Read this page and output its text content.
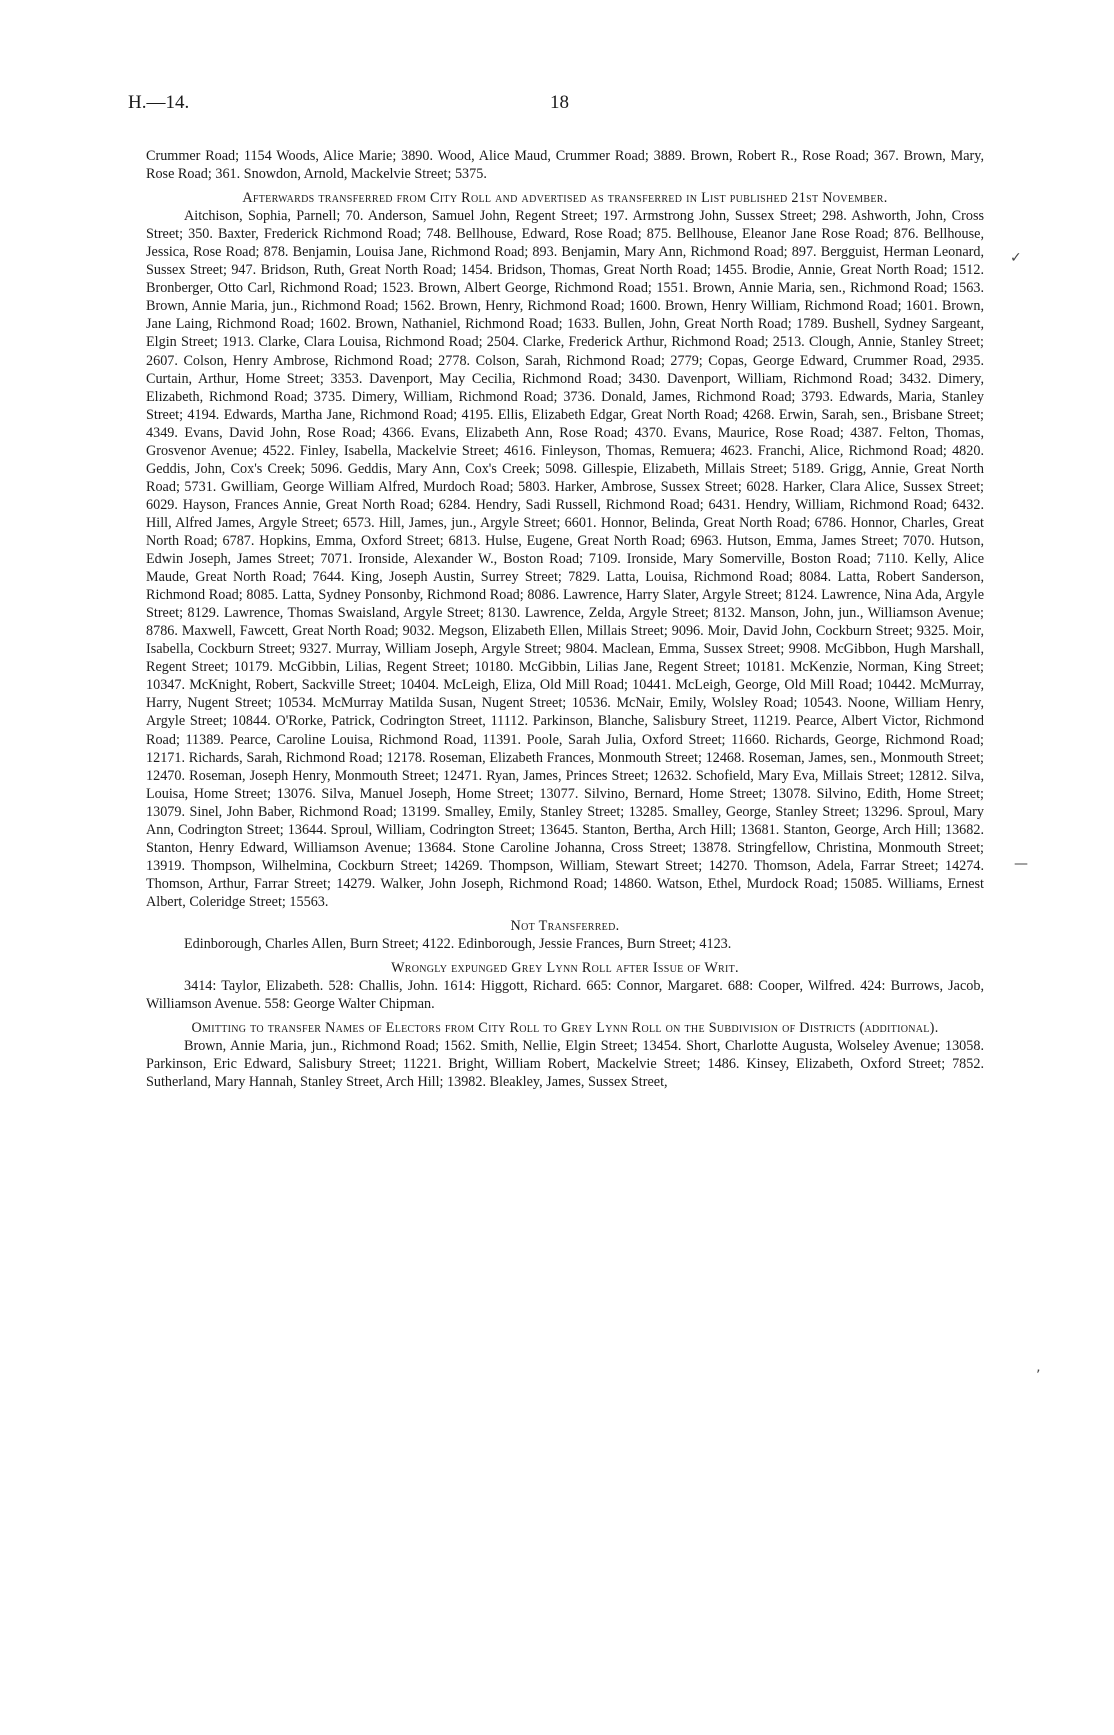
H.—14.	18

Crummer Road; 1154 Woods, Alice Marie; 3890. Wood, Alice Maud, Crummer Road; 3889. Brown, Robert R., Rose Road; 367. Brown, Mary, Rose Road; 361. Snowdon, Arnold, Mackelvie Street; 5375.

Afterwards transferred from City Roll and advertised as transferred in List published 21st November.

Aitchison, Sophia, Parnell; 70. Anderson, Samuel John, Regent Street; 197. Armstrong John, Sussex Street; 298. Ashworth, John, Cross Street; 350. Baxter, Frederick Richmond Road; 748. Bellhouse, Edward, Rose Road; 875. Bellhouse, Eleanor Jane Rose Road; 876. Bellhouse, Jessica, Rose Road; 878. Benjamin, Louisa Jane, Richmond Road; 893. Benjamin, Mary Ann, Richmond Road; 897. Bergguist, Herman Leonard, Sussex Street; 947. Bridson, Ruth, Great North Road; 1454. Bridson, Thomas, Great North Road; 1455. Brodie, Annie, Great North Road; 1512. Bronberger, Otto Carl, Richmond Road; 1523. Brown, Albert George, Richmond Road; 1551. Brown, Annie Maria, sen., Richmond Road; 1563. Brown, Annie Maria, jun., Richmond Road; 1562. Brown, Henry, Richmond Road; 1600. Brown, Henry William, Richmond Road; 1601. Brown, Jane Laing, Richmond Road; 1602. Brown, Nathaniel, Richmond Road; 1633. Bullen, John, Great North Road; 1789. Bushell, Sydney Sargeant, Elgin Street; 1913. Clarke, Clara Louisa, Richmond Road; 2504. Clarke, Frederick Arthur, Richmond Road; 2513. Clough, Annie, Stanley Street; 2607. Colson, Henry Ambrose, Richmond Road; 2778. Colson, Sarah, Richmond Road; 2779; Copas, George Edward, Crummer Road, 2935. Curtain, Arthur, Home Street; 3353. Davenport, May Cecilia, Richmond Road; 3430. Davenport, William, Richmond Road; 3432. Dimery, Elizabeth, Richmond Road; 3735. Dimery, William, Richmond Road; 3736. Donald, James, Richmond Road; 3793. Edwards, Maria, Stanley Street; 4194. Edwards, Martha Jane, Richmond Road; 4195. Ellis, Elizabeth Edgar, Great North Road; 4268. Erwin, Sarah, sen., Brisbane Street; 4349. Evans, David John, Rose Road; 4366. Evans, Elizabeth Ann, Rose Road; 4370. Evans, Maurice, Rose Road; 4387. Felton, Thomas, Grosvenor Avenue; 4522. Finley, Isabella, Mackelvie Street; 4616. Finleyson, Thomas, Remuera; 4623. Franchi, Alice, Richmond Road; 4820. Geddis, John, Cox's Creek; 5096. Geddis, Mary Ann, Cox's Creek; 5098. Gillespie, Elizabeth, Millais Street; 5189. Grigg, Annie, Great North Road; 5731. Gwilliam, George William Alfred, Murdoch Road; 5803. Harker, Ambrose, Sussex Street; 6028. Harker, Clara Alice, Sussex Street; 6029. Hayson, Frances Annie, Great North Road; 6284. Hendry, Sadi Russell, Richmond Road; 6431. Hendry, William, Richmond Road; 6432. Hill, Alfred James, Argyle Street; 6573. Hill, James, jun., Argyle Street; 6601. Honnor, Belinda, Great North Road; 6786. Honnor, Charles, Great North Road; 6787. Hopkins, Emma, Oxford Street; 6813. Hulse, Eugene, Great North Road; 6963. Hutson, Emma, James Street; 7070. Hutson, Edwin Joseph, James Street; 7071. Ironside, Alexander W., Boston Road; 7109. Ironside, Mary Somerville, Boston Road; 7110. Kelly, Alice Maude, Great North Road; 7644. King, Joseph Austin, Surrey Street; 7829. Latta, Louisa, Richmond Road; 8084. Latta, Robert Sanderson, Richmond Road; 8085. Latta, Sydney Ponsonby, Richmond Road; 8086. Lawrence, Harry Slater, Argyle Street; 8124. Lawrence, Nina Ada, Argyle Street; 8129. Lawrence, Thomas Swaisland, Argyle Street; 8130. Lawrence, Zelda, Argyle Street; 8132. Manson, John, jun., Williamson Avenue; 8786. Maxwell, Fawcett, Great North Road; 9032. Megson, Elizabeth Ellen, Millais Street; 9096. Moir, David John, Cockburn Street; 9325. Moir, Isabella, Cockburn Street; 9327. Murray, William Joseph, Argyle Street; 9804. Maclean, Emma, Sussex Street; 9908. McGibbon, Hugh Marshall, Regent Street; 10179. McGibbin, Lilias, Regent Street; 10180. McGibbin, Lilias Jane, Regent Street; 10181. McKenzie, Norman, King Street; 10347. McKnight, Robert, Sackville Street; 10404. McLeigh, Eliza, Old Mill Road; 10441. McLeigh, George, Old Mill Road; 10442. McMurray, Harry, Nugent Street; 10534. McMurray Matilda Susan, Nugent Street; 10536. McNair, Emily, Wolsley Road; 10543. Noone, William Henry, Argyle Street; 10844. O'Rorke, Patrick, Codrington Street, 11112. Parkinson, Blanche, Salisbury Street, 11219. Pearce, Albert Victor, Richmond Road; 11389. Pearce, Caroline Louisa, Richmond Road, 11391. Poole, Sarah Julia, Oxford Street; 11660. Richards, George, Richmond Road; 12171. Richards, Sarah, Richmond Road; 12178. Roseman, Elizabeth Frances, Monmouth Street; 12468. Roseman, James, sen., Monmouth Street; 12470. Roseman, Joseph Henry, Monmouth Street; 12471. Ryan, James, Princes Street; 12632. Schofield, Mary Eva, Millais Street; 12812. Silva, Louisa, Home Street; 13076. Silva, Manuel Joseph, Home Street; 13077. Silvino, Bernard, Home Street; 13078. Silvino, Edith, Home Street; 13079. Sinel, John Baber, Richmond Road; 13199. Smalley, Emily, Stanley Street; 13285. Smalley, George, Stanley Street; 13296. Sproul, Mary Ann, Codrington Street; 13644. Sproul, William, Codrington Street; 13645. Stanton, Bertha, Arch Hill; 13681. Stanton, George, Arch Hill; 13682. Stanton, Henry Edward, Williamson Avenue; 13684. Stone Caroline Johanna, Cross Street; 13878. Stringfellow, Christina, Monmouth Street; 13919. Thompson, Wilhelmina, Cockburn Street; 14269. Thompson, William, Stewart Street; 14270. Thomson, Adela, Farrar Street; 14274. Thomson, Arthur, Farrar Street; 14279. Walker, John Joseph, Richmond Road; 14860. Watson, Ethel, Murdock Road; 15085. Williams, Ernest Albert, Coleridge Street; 15563.

Not Transferred.

Edinborough, Charles Allen, Burn Street; 4122. Edinborough, Jessie Frances, Burn Street; 4123.

Wrongly expunged Grey Lynn Roll after Issue of Writ.

3414: Taylor, Elizabeth. 528: Challis, John. 1614: Higgott, Richard. 665: Connor, Margaret. 688: Cooper, Wilfred. 424: Burrows, Jacob, Williamson Avenue. 558: George Walter Chipman.

Omitting to transfer Names of Electors from City Roll to Grey Lynn Roll on the Subdivision of Districts (additional).

Brown, Annie Maria, jun., Richmond Road; 1562. Smith, Nellie, Elgin Street; 13454. Short, Charlotte Augusta, Wolseley Avenue; 13058. Parkinson, Eric Edward, Salisbury Street; 11221. Bright, William Robert, Mackelvie Street; 1486. Kinsey, Elizabeth, Oxford Street; 7852. Sutherland, Mary Hannah, Stanley Street, Arch Hill; 13982. Bleakley, James, Sussex Street,

✓
—
’
